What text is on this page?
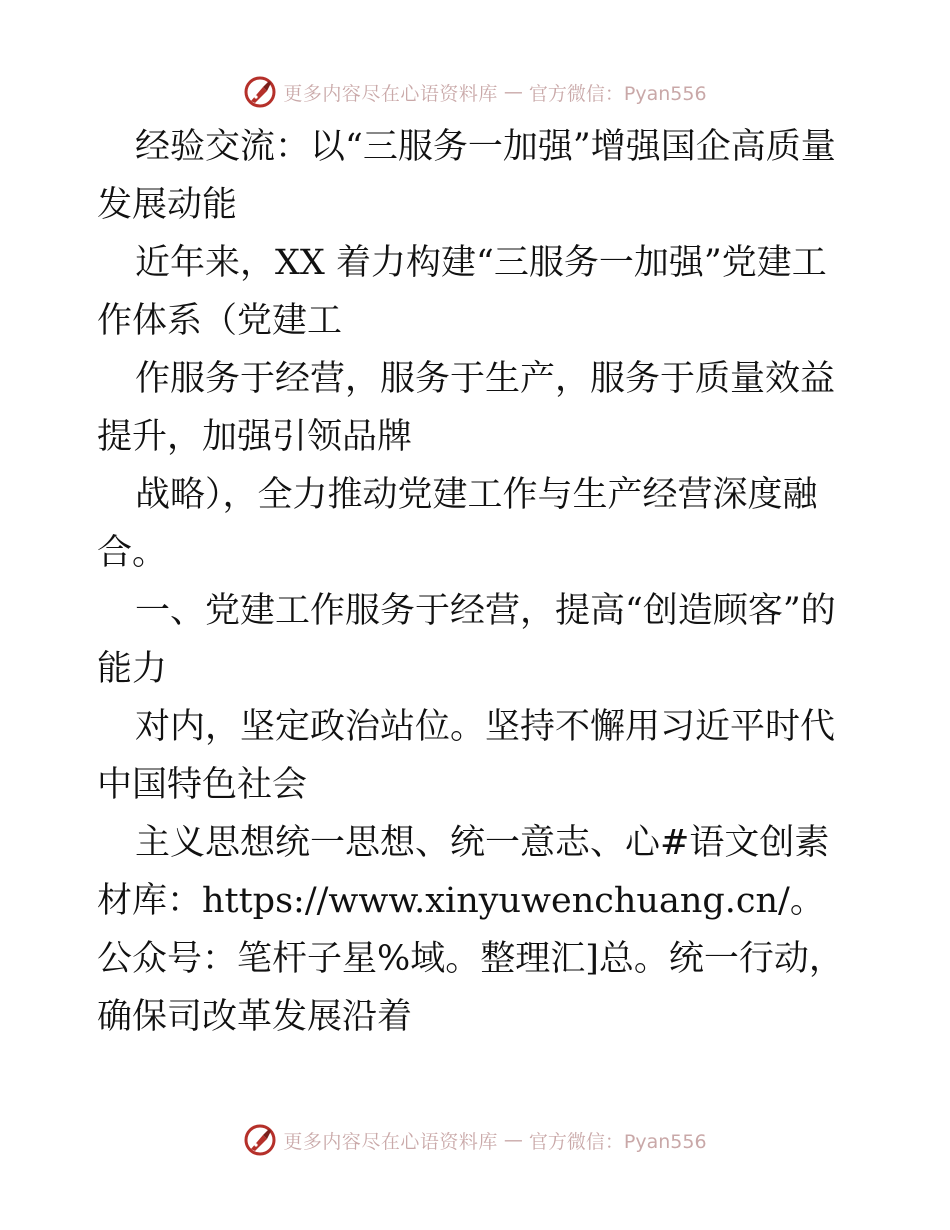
更多内容尽在心语资料库 — 官方微信：Pyan556

经验交流：以“三服务一加强”增强国企高质量发展动能

近年来，XX 着力构建“三服务一加强”党建工作体系（党建工

作服务于经营，服务于生产，服务于质量效益提升，加强引领品牌

战略），全力推动党建工作与生产经营深度融合。

一、党建工作服务于经营，提高“创造顾客”的能力

对内，坚定政治站位。坚持不懈用习近平时代中国特色社会

主义思想统一思想、统一意志、心#语文创素材库：https://www.xinyuwenchuang.cn/。公众号：笔杆子星%域。整理汇]总。统一行动，确保司改革发展沿着

更多内容尽在心语资料库 — 官方微信：Pyan556
